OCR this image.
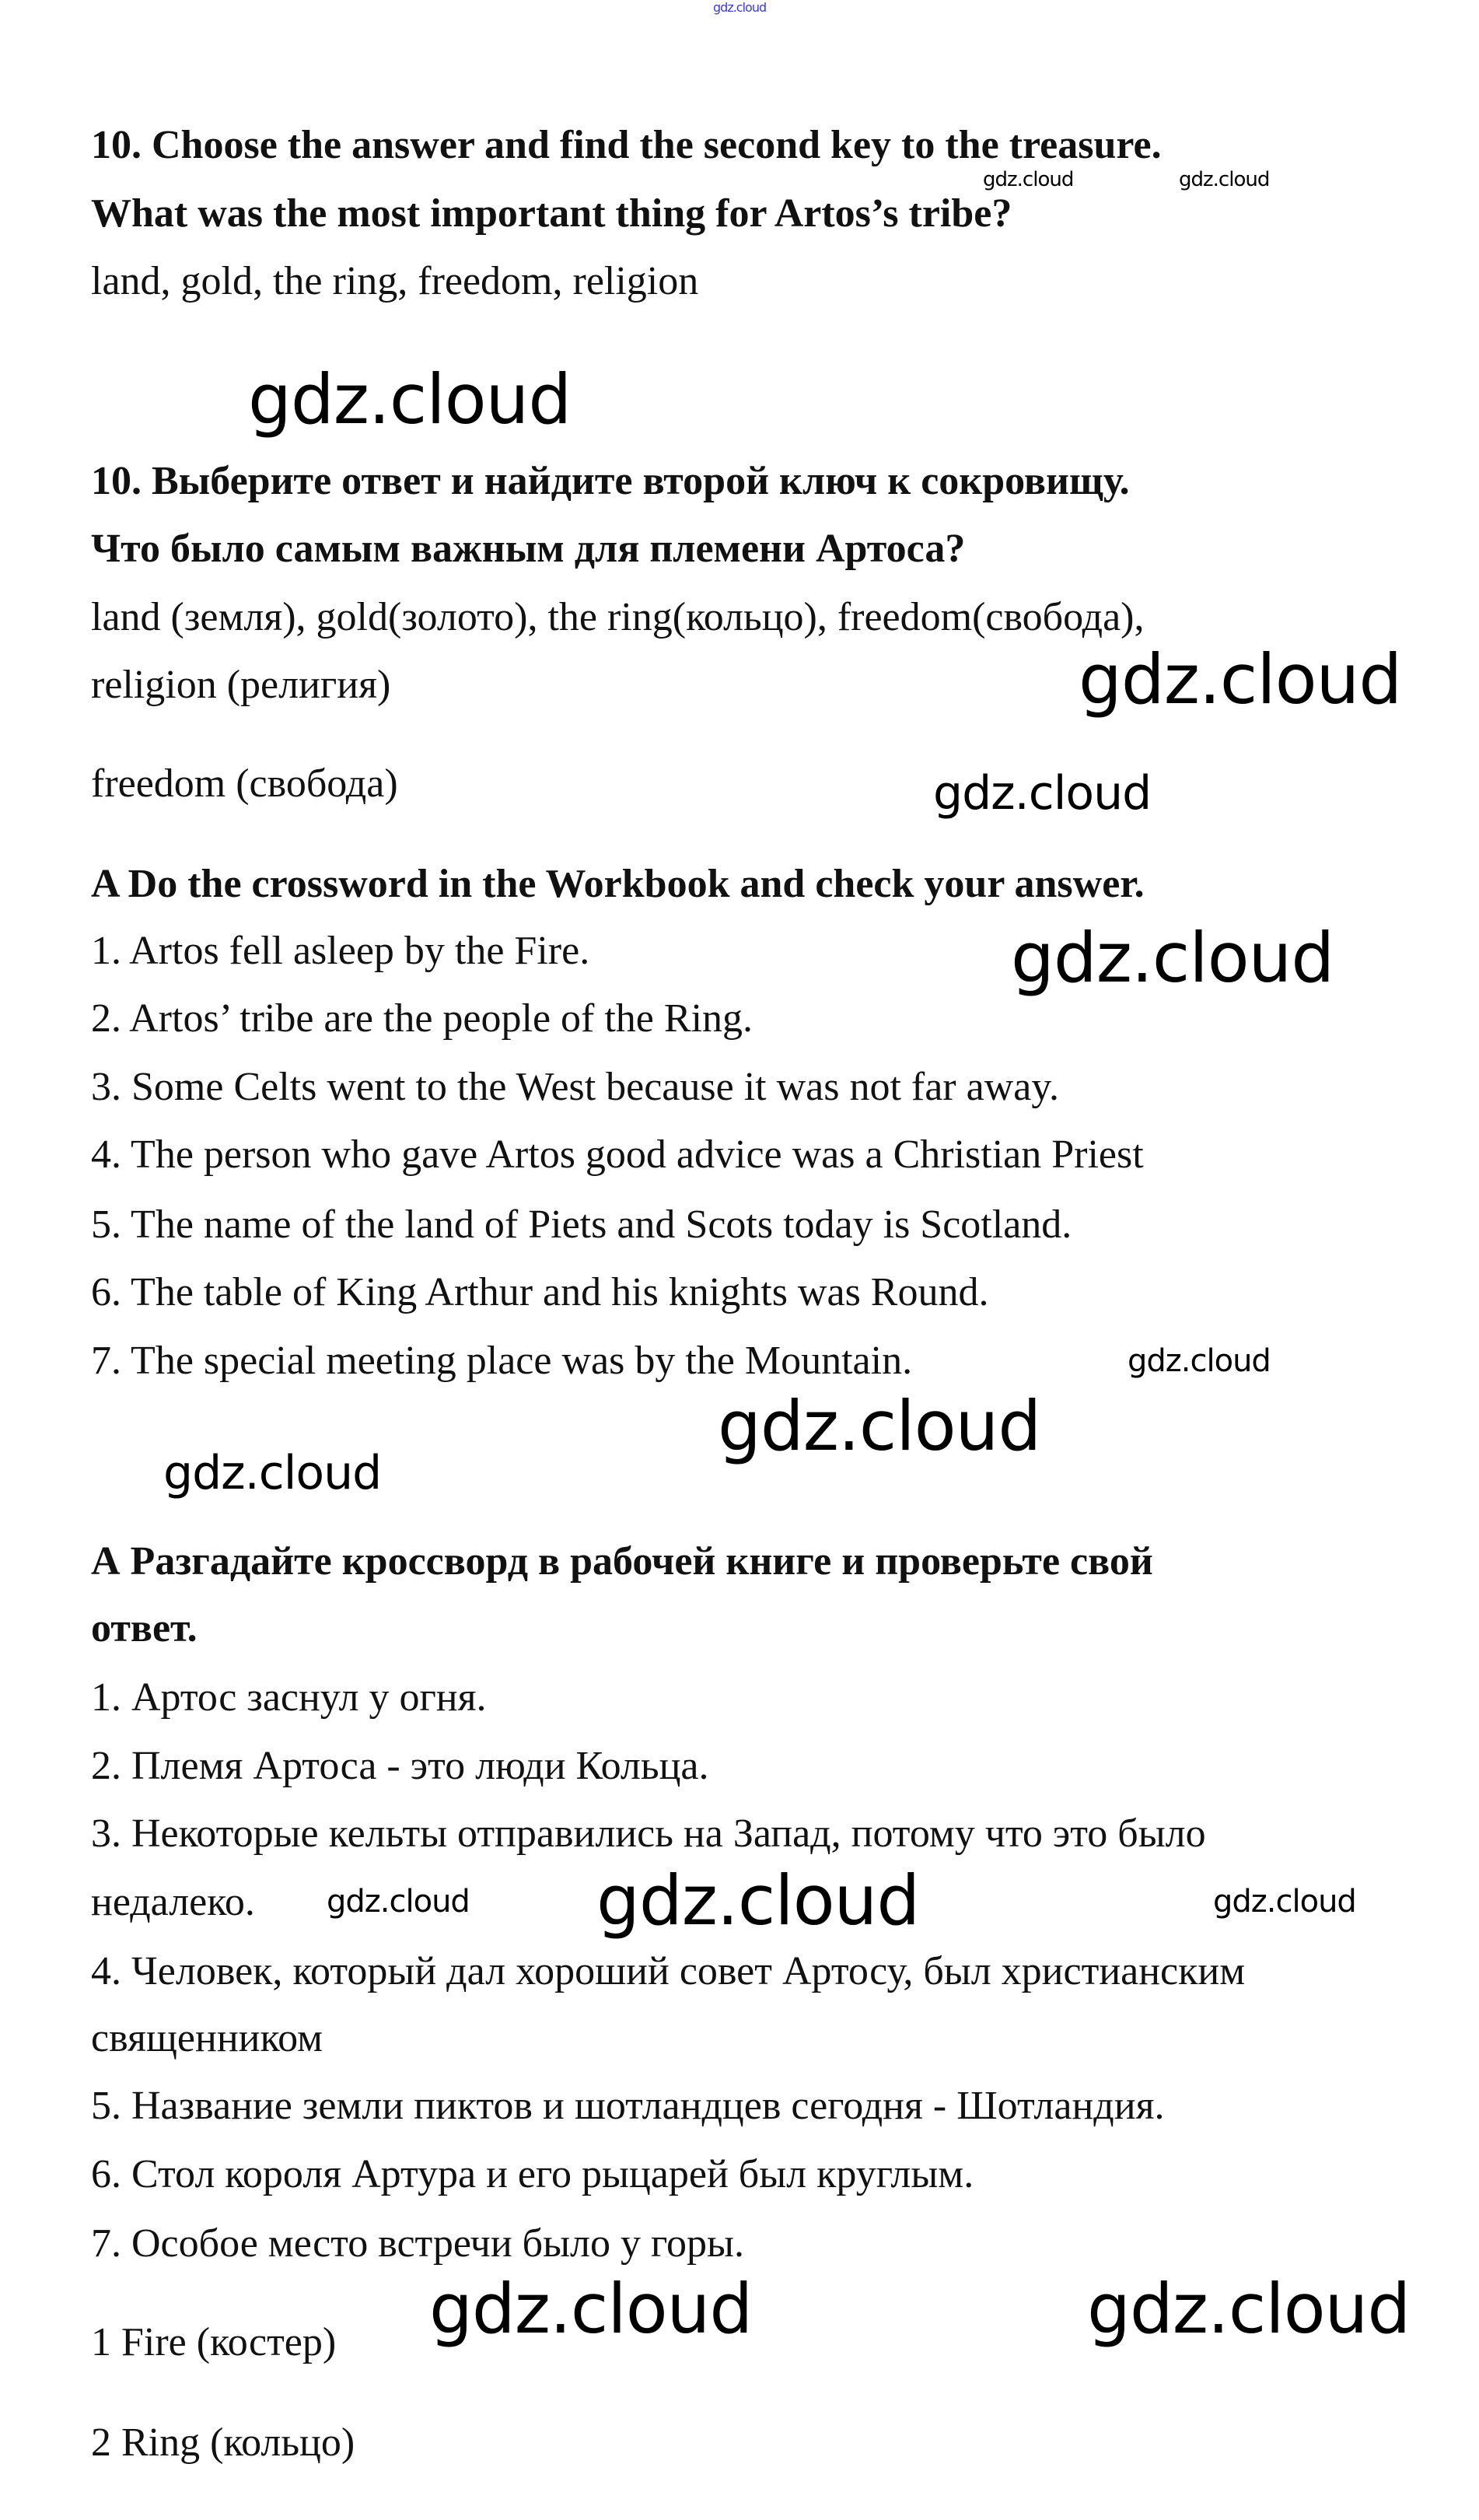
10. Choose the answer and find the second key to the treasure.
What was the most important thing for Artos’s tribe?
land, gold, the ring, freedom, religion
10. Выберите ответ и найдите второй ключ к сокровищу.
Что было самым важным для племени Артоса?
land (земля), gold(золото), the ring(кольцо), freedom(свобода),
religion (религия)
freedom (свобода)
A Do the crossword in the Workbook and check your answer.
1. Artos fell asleep by the Fire.
2. Artos’ tribe are the people of the Ring.
3. Some Celts went to the West because it was not far away.
4. The person who gave Artos good advice was a Christian Priest
5. The name of the land of Piets and Scots today is Scotland.
6. The table of King Arthur and his knights was Round.
7. The special meeting place was by the Mountain.
А Разгадайте кроссворд в рабочей книге и проверьте свой
ответ.
1. Артос заснул у огня.
2. Племя Артоса - это люди Кольца.
3. Некоторые кельты отправились на Запад, потому что это было
недалеко.
4. Человек, который дал хороший совет Артосу, был христианским
священником
5. Название земли пиктов и шотландцев сегодня - Шотландия.
6. Стол короля Артура и его рыцарей был круглым.
7. Особое место встречи было у горы.
1 Fire (костер)
2 Ring (кольцо)
gdz.cloud
gdz.cloud	gdz.cloud
gdz.cloud
gdz.cloud
gdz.cloud
gdz.cloud
gdz.cloud
gdz.cloud
gdz.cloud
gdz.cloud gdz.cloud	gdz.cloud
gdz.cloud	gdz.cloud
